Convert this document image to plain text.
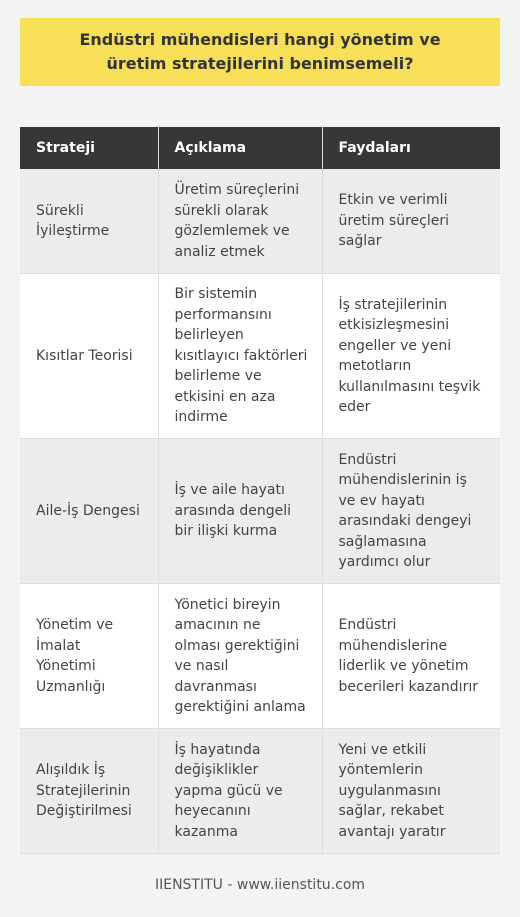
Endüstri mühendisleri hangi yönetim ve üretim stratejilerini benimsemeli?
Strateji	Açıklama	Faydaları
Sürekli İyileştirme	Üretim süreçlerini sürekli olarak gözlemlemek ve analiz etmek	Etkin ve verimli üretim süreçleri sağlar
Kısıtlar Teorisi	Bir sistemin performansını belirleyen kısıtlayıcı faktörleri belirleme ve etkisini en aza indirme	İş stratejilerinin etkisizleşmesini engeller ve yeni metotların kullanılmasını teşvik eder
Aile-İş Dengesi	İş ve aile hayatı arasında dengeli bir ilişki kurma	Endüstri mühendislerinin iş ve ev hayatı arasındaki dengeyi sağlamasına yardımcı olur
Yönetim ve İmalat Yönetimi Uzmanlığı	Yönetici bireyin amacının ne olması gerektiğini ve nasıl davranması gerektiğini anlama	Endüstri mühendislerine liderlik ve yönetim becerileri kazandırır
Alışıldık İş Stratejilerinin Değiştirilmesi	İş hayatında değişiklikler yapma gücü ve heyecanını kazanma	Yeni ve etkili yöntemlerin uygulanmasını sağlar, rekabet avantajı yaratır
IIENSTITU - www.iienstitu.com
